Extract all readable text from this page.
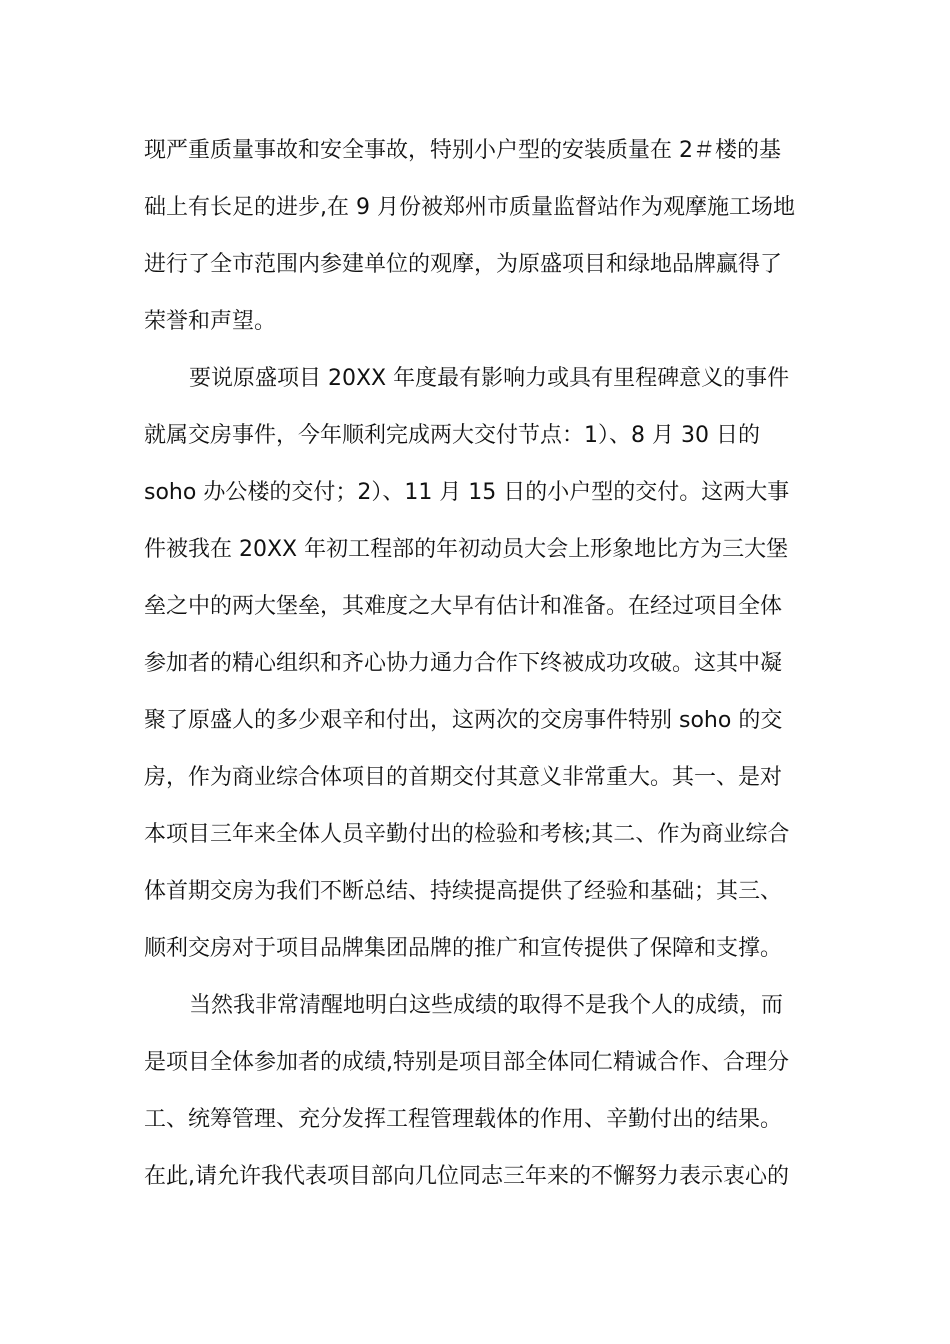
现严重质量事故和安全事故，特别小户型的安装质量在 2＃楼的基
础上有长足的进步,在 9 月份被郑州市质量监督站作为观摩施工场地
进行了全市范围内参建单位的观摩，为原盛项目和绿地品牌赢得了
荣誉和声望。
要说原盛项目 20XX 年度最有影响力或具有里程碑意义的事件
就属交房事件，今年顺利完成两大交付节点：1）、8 月 30 日的
soho 办公楼的交付；2）、11 月 15 日的小户型的交付。这两大事
件被我在 20XX 年初工程部的年初动员大会上形象地比方为三大堡
垒之中的两大堡垒，其难度之大早有估计和准备。在经过项目全体
参加者的精心组织和齐心协力通力合作下终被成功攻破。这其中凝
聚了原盛人的多少艰辛和付出，这两次的交房事件特别 soho 的交
房，作为商业综合体项目的首期交付其意义非常重大。其一、是对
本项目三年来全体人员辛勤付出的检验和考核;其二、作为商业综合
体首期交房为我们不断总结、持续提高提供了经验和基础；其三、
顺利交房对于项目品牌集团品牌的推广和宣传提供了保障和支撑。
当然我非常清醒地明白这些成绩的取得不是我个人的成绩，而
是项目全体参加者的成绩,特别是项目部全体同仁精诚合作、合理分
工、统筹管理、充分发挥工程管理载体的作用、辛勤付出的结果。
在此,请允许我代表项目部向几位同志三年来的不懈努力表示衷心的
